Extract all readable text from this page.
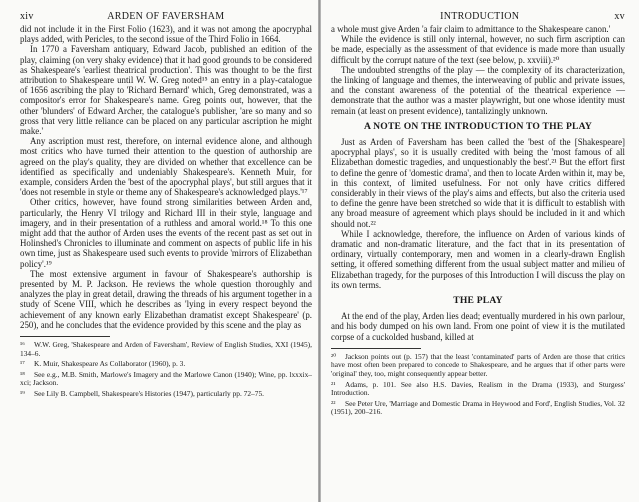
xiv	ARDEN OF FAVERSHAM

did not include it in the First Folio (1623), and it was not among the apocryphal plays added, with Pericles, to the second issue of the Third Folio in 1664.

In 1770 a Faversham antiquary, Edward Jacob, published an edition of the play, claiming (on very shaky evidence) that it had good grounds to be considered as Shakespeare's 'earliest theatrical production'. This was thought to be the first attribution to Shakespeare until W. W. Greg noted¹⁵ an entry in a play-catalogue of 1656 ascribing the play to 'Richard Bernard' which, Greg demonstrated, was a compositor's error for Shakespeare's name. Greg points out, however, that the other 'blunders' of Edward Archer, the catalogue's publisher, 'are so many and so gross that very little reliance can be placed on any particular ascription he might make.'

Any ascription must rest, therefore, on internal evidence alone, and although most critics who have turned their attention to the question of authorship are agreed on the play's quality, they are divided on whether that excellence can be identified as specifically and undeniably Shakespeare's. Kenneth Muir, for example, considers Arden the 'best of the apocryphal plays', but still argues that it 'does not resemble in style or theme any of Shakespeare's acknowledged plays.'¹⁷

Other critics, however, have found strong similarities between Arden and, particularly, the Henry VI trilogy and Richard III in their style, language and imagery, and in their presentation of a ruthless and amoral world.¹⁸ To this one might add that the author of Arden uses the events of the recent past as set out in Holinshed's Chronicles to illuminate and comment on aspects of public life in his own time, just as Shakespeare used such events to provide 'mirrors of Elizabethan policy'.¹⁹

The most extensive argument in favour of Shakespeare's authorship is presented by M. P. Jackson. He reviews the whole question thoroughly and analyzes the play in great detail, drawing the threads of his argument together in a study of Scene VIII, which he describes as 'lying in every respect beyond the achievement of any known early Elizabethan dramatist except Shakespeare' (p. 250), and he concludes that the evidence provided by this scene and the play as

¹⁶ W.W. Greg, 'Shakespeare and Arden of Faversham', Review of English Studies, XXI (1945), 134–6.
¹⁷ K. Muir, Shakespeare As Collaborator (1960), p. 3.
¹⁸ See e.g., M.B. Smith, Marlowe's Imagery and the Marlowe Canon (1940); Wine, pp. lxxxix–xci; Jackson.
¹⁹ See Lily B. Campbell, Shakespeare's Histories (1947), particularly pp. 72–75.
INTRODUCTION	xv

a whole must give Arden 'a fair claim to admittance to the Shakespeare canon.'

While the evidence is still only internal, however, no such firm ascription can be made, especially as the assessment of that evidence is made more than usually difficult by the corrupt nature of the text (see below, p. xxviii).²⁰

The undoubted strengths of the play — the complexity of its characterization, the linking of language and themes, the interweaving of public and private issues, and the constant awareness of the potential of the theatrical experience — demonstrate that the author was a master playwright, but one whose identity must remain (at least on present evidence), tantalizingly unknown.

A NOTE ON THE INTRODUCTION TO THE PLAY

Just as Arden of Faversham has been called the 'best of the [Shakespeare] apocryphal plays', so it is usually credited with being the 'most famous of all Elizabethan domestic tragedies, and unquestionably the best'.²¹ But the effort first to define the genre of 'domestic drama', and then to locate Arden within it, may be, in this context, of limited usefulness. For not only have critics differed considerably in their views of the play's aims and effects, but also the criteria used to define the genre have been stretched so wide that it is difficult to establish with any broad measure of agreement which plays should be included in it and which should not.²²

While I acknowledge, therefore, the influence on Arden of various kinds of dramatic and non-dramatic literature, and the fact that in its presentation of ordinary, virtually contemporary, men and women in a clearly-drawn English setting, it offered something different from the usual subject matter and milieu of Elizabethan tragedy, for the purposes of this Introduction I will discuss the play on its own terms.

THE PLAY

At the end of the play, Arden lies dead; eventually murdered in his own parlour, and his body dumped on his own land. From one point of view it is the mutilated corpse of a cuckolded husband, killed at

²⁰ Jackson points out (p. 157) that the least 'contaminated' parts of Arden are those that critics have most often been prepared to concede to Shakespeare, and he argues that if other parts were 'original' they, too, might consequently appear better.
²¹ Adams, p. 101. See also H.S. Davies, Realism in the Drama (1933), and Sturgess' Introduction.
²² See Peter Ure, 'Marriage and Domestic Drama in Heywood and Ford', English Studies, Vol. 32 (1951), 200–216.
